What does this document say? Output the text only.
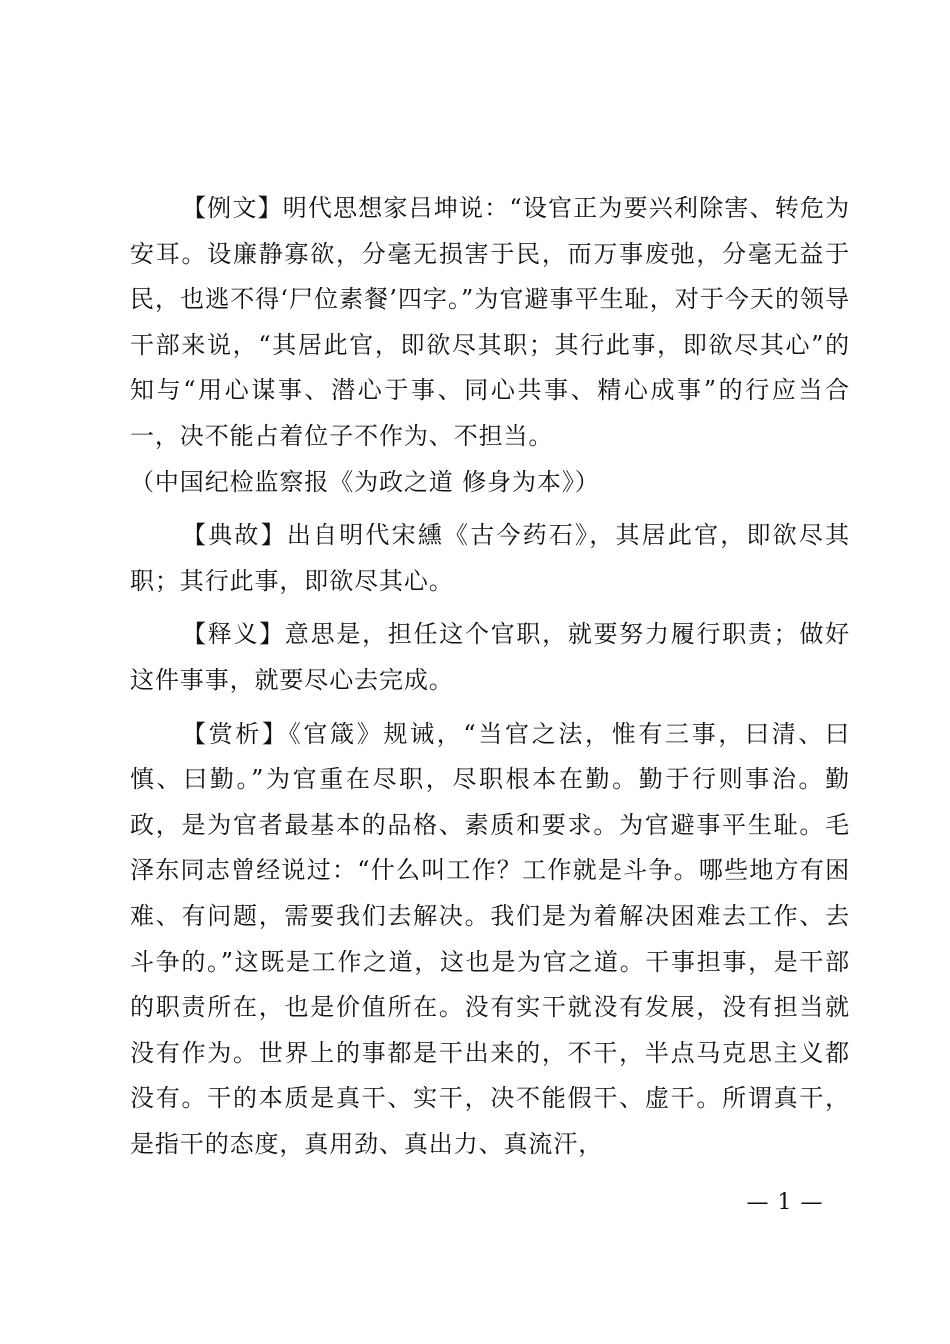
【例文】明代思想家吕坤说：“设官正为要兴利除害、转危为安耳。设廉静寡欲，分毫无损害于民，而万事废弛，分毫无益于民，也逃不得‘尸位素餐’四字。”为官避事平生耻，对于今天的领导干部来说，“其居此官，即欲尽其职；其行此事，即欲尽其心”的知与“用心谋事、潜心于事、同心共事、精心成事”的行应当合一，决不能占着位子不作为、不担当。

（中国纪检监察报《为政之道 修身为本》）

【典故】出自明代宋纁《古今药石》，其居此官，即欲尽其职；其行此事，即欲尽其心。

【释义】意思是，担任这个官职，就要努力履行职责；做好这件事事，就要尽心去完成。

【赏析】《官箴》规诫，“当官之法，惟有三事，曰清、曰慎、曰勤。”为官重在尽职，尽职根本在勤。勤于行则事治。勤政，是为官者最基本的品格、素质和要求。为官避事平生耻。毛泽东同志曾经说过：“什么叫工作？工作就是斗争。哪些地方有困难、有问题，需要我们去解决。我们是为着解决困难去工作、去斗争的。”这既是工作之道，这也是为官之道。干事担事，是干部的职责所在，也是价值所在。没有实干就没有发展，没有担当就没有作为。世界上的事都是干出来的，不干，半点马克思主义都没有。干的本质是真干、实干，决不能假干、虚干。所谓真干，是指干的态度，真用劲、真出力、真流汗，

— 1 —
